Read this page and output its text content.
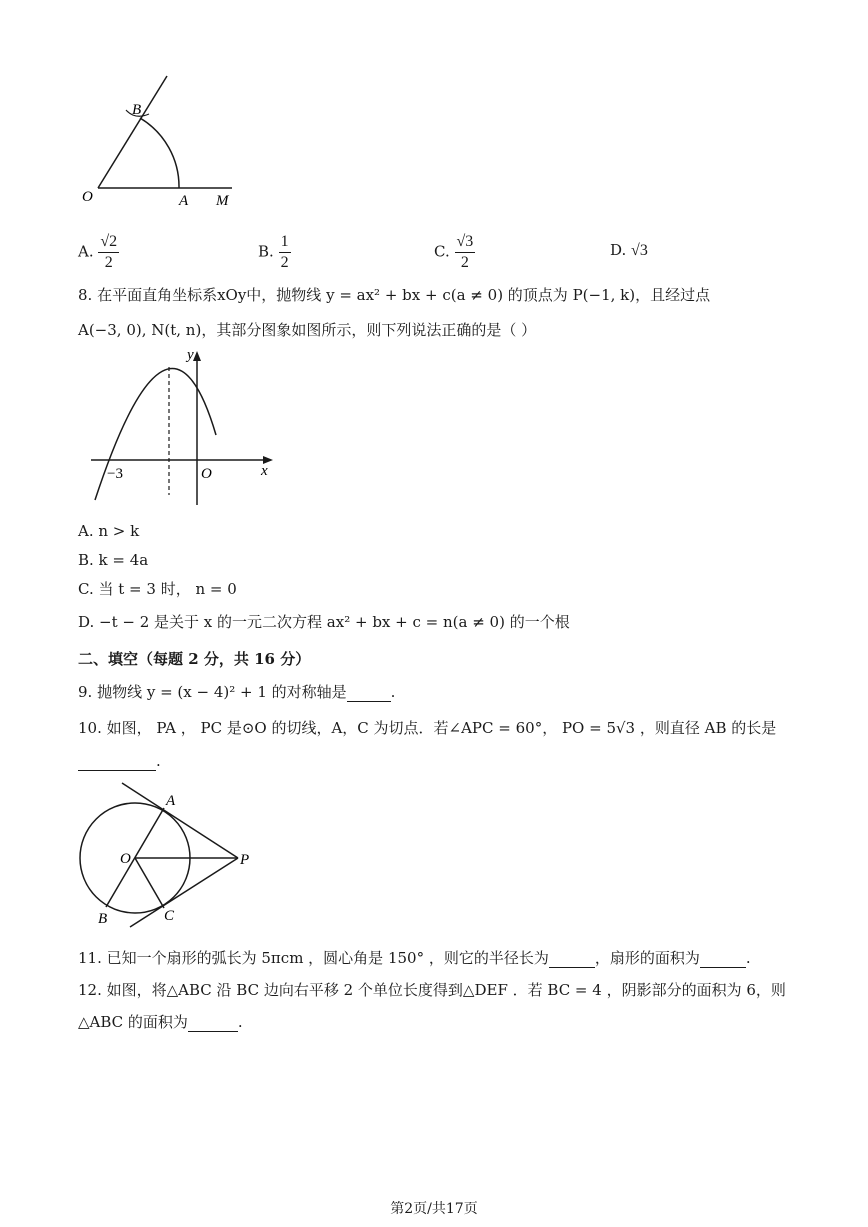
B
O	A M
A. $\frac{√2}{2}$	B. $\frac{1}{2}$	C. $\frac{√3}{2}$	D. √3
8. 在平面直角坐标系xOy中，抛物线 y = ax² + bx + c(a ≠ 0) 的顶点为 P(−1, k)，且经过点
A(−3, 0), N(t, n)，其部分图象如图所示，则下列说法正确的是（ ）
y
x
−3	O
A. n > k
B. k = 4a
C. 当 t = 3 时， n = 0
D. −t − 2 是关于 x 的一元二次方程 ax² + bx + c = n(a ≠ 0) 的一个根
二、填空（每题 2 分，共 16 分）
9. 抛物线 y = (x − 4)² + 1 的对称轴是	.
10. 如图， PA ， PC 是⊙O 的切线，A，C 为切点．若∠APC = 60°， PO = 5√3 ，则直径 AB 的长是
.
A
O	P
B	C
11. 已知一个扇形的弧长为 5πcm ，圆心角是 150° ，则它的半径长为	，扇形的面积为	.
12. 如图，将△ABC 沿 BC 边向右平移 2 个单位长度得到△DEF ．若 BC = 4 ，阴影部分的面积为 6，则
△ABC 的面积为	.
第2页/共17页
